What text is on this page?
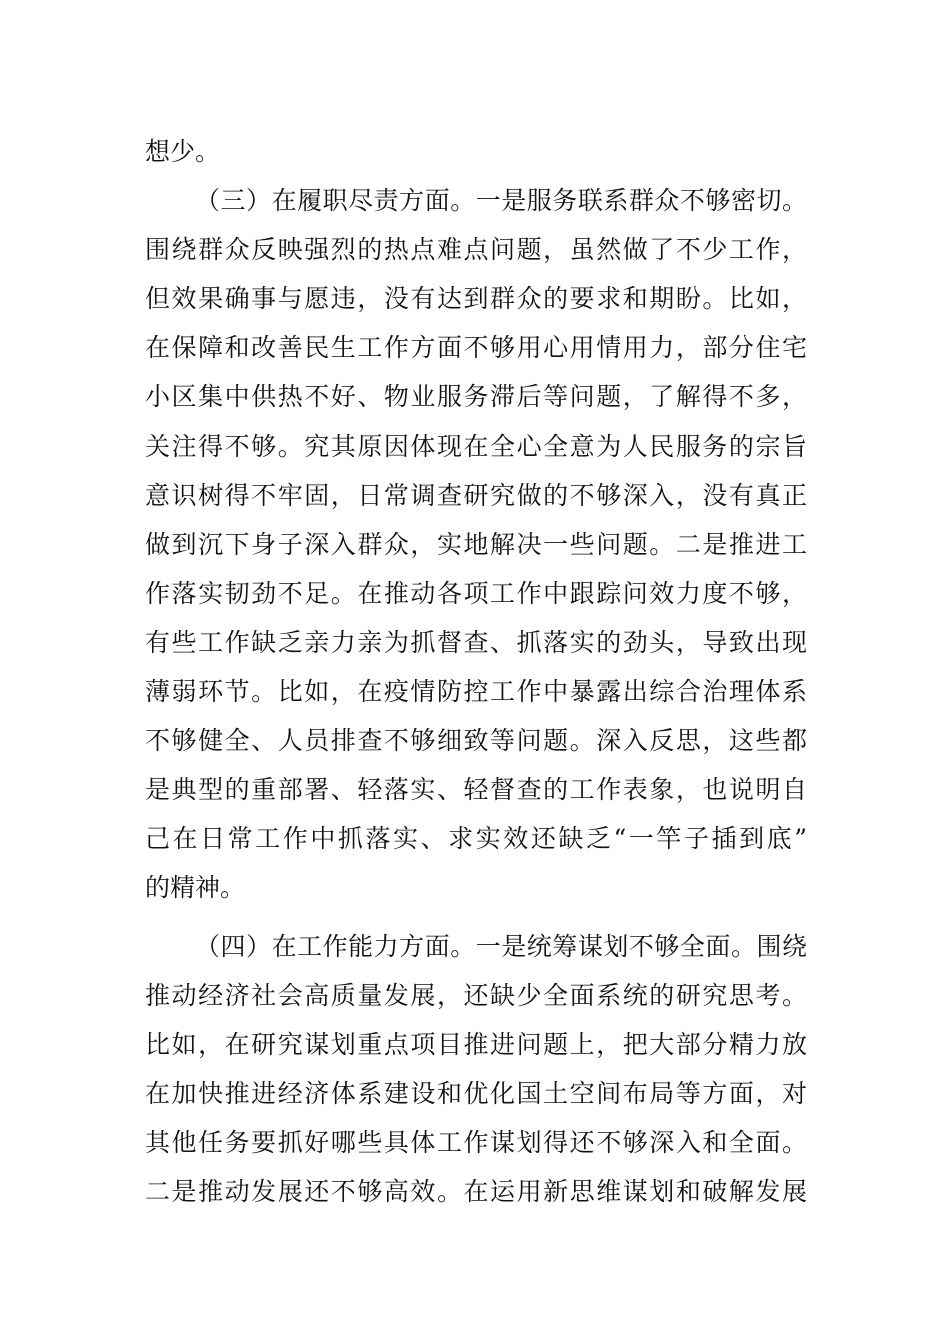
想少。
（三）在履职尽责方面。一是服务联系群众不够密切。
围绕群众反映强烈的热点难点问题，虽然做了不少工作，
但效果确事与愿违，没有达到群众的要求和期盼。比如，
在保障和改善民生工作方面不够用心用情用力，部分住宅
小区集中供热不好、物业服务滞后等问题，了解得不多，
关注得不够。究其原因体现在全心全意为人民服务的宗旨
意识树得不牢固，日常调查研究做的不够深入，没有真正
做到沉下身子深入群众，实地解决一些问题。二是推进工
作落实韧劲不足。在推动各项工作中跟踪问效力度不够，
有些工作缺乏亲力亲为抓督查、抓落实的劲头，导致出现
薄弱环节。比如，在疫情防控工作中暴露出综合治理体系
不够健全、人员排查不够细致等问题。深入反思，这些都
是典型的重部署、轻落实、轻督查的工作表象，也说明自
己在日常工作中抓落实、求实效还缺乏“一竿子插到底”
的精神。
（四）在工作能力方面。一是统筹谋划不够全面。围绕
推动经济社会高质量发展，还缺少全面系统的研究思考。
比如，在研究谋划重点项目推进问题上，把大部分精力放
在加快推进经济体系建设和优化国土空间布局等方面，对
其他任务要抓好哪些具体工作谋划得还不够深入和全面。
二是推动发展还不够高效。在运用新思维谋划和破解发展
